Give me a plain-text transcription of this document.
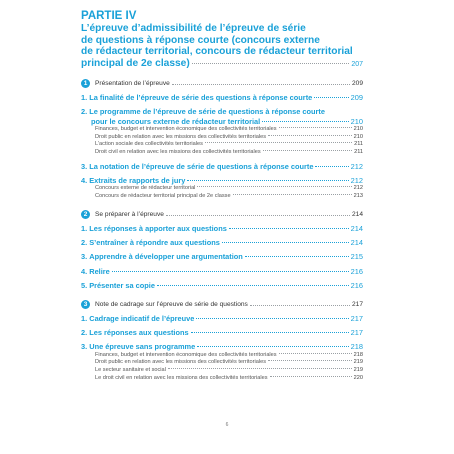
PARTIE IV
L’épreuve d’admissibilité de l’épreuve de série
de questions à réponse courte (concours externe
de rédacteur territorial, concours de rédacteur territorial
principal de 2e classe)	207
1	Présentation de l’épreuve	209
1.
La finalité de l’épreuve de série des questions à réponse courte	209
2.
Le programme de l’épreuve de série de questions à réponse courte
pour le concours externe de rédacteur territorial	210
Finances, budget et intervention économique des collectivités territoriales	210
Droit public en relation avec les missions des collectivités territoriales	210
L’action sociale des collectivités territoriales	211
Droit civil en relation avec les missions des collectivités territoriales	211
3.
La notation de l’épreuve de série de questions à réponse courte	212
4.
Extraits de rapports de jury	212
Concours externe de rédacteur territorial	212
Concours de rédacteur territorial principal de 2e classe	213
2	Se préparer à l’épreuve	214
1.
Les réponses à apporter aux questions	214
2.
S’entraîner à répondre aux questions	214
3.
Apprendre à développer une argumentation	215
4.
Relire	216
5.
Présenter sa copie	216
3	Note de cadrage sur l’épreuve de série de questions	217
1.
Cadrage indicatif de l’épreuve	217
2.
Les réponses aux questions	217
3.
Une épreuve sans programme	218
Finances, budget et intervention économique des collectivités territoriales	218
Droit public en relation avec les missions des collectivités territoriales	219
Le secteur sanitaire et social	219
Le droit civil en relation avec les missions des collectivités territoriales	220
6
